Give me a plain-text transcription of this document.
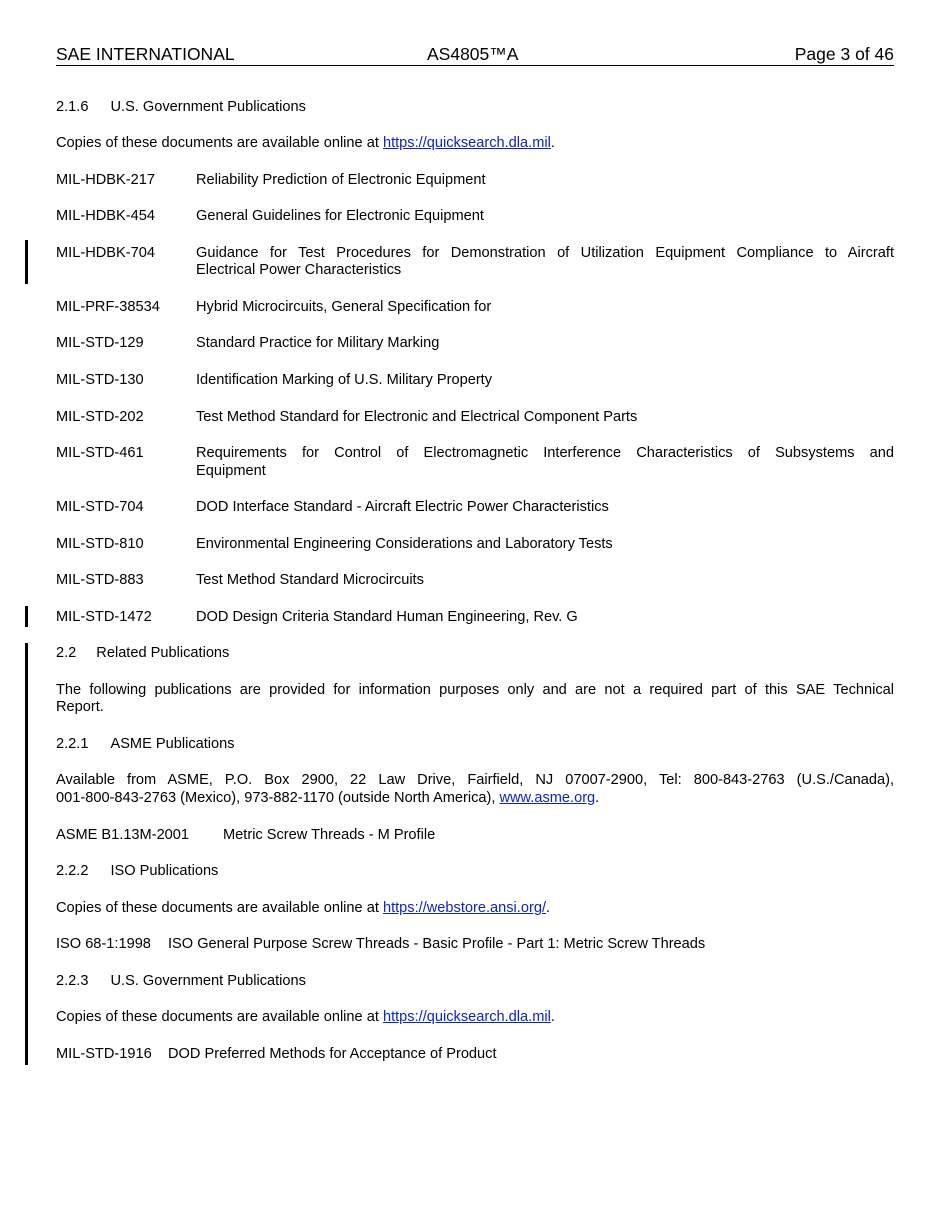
SAE INTERNATIONAL	AS4805™A	Page 3 of 46
2.1.6 U.S. Government Publications
Copies of these documents are available online at https://quicksearch.dla.mil.
MIL-HDBK-217	Reliability Prediction of Electronic Equipment
MIL-HDBK-454	General Guidelines for Electronic Equipment
MIL-HDBK-704	Guidance for Test Procedures for Demonstration of Utilization Equipment Compliance to Aircraft
Electrical Power Characteristics
MIL-PRF-38534 Hybrid Microcircuits, General Specification for
MIL-STD-129	Standard Practice for Military Marking
MIL-STD-130	Identification Marking of U.S. Military Property
MIL-STD-202	Test Method Standard for Electronic and Electrical Component Parts
MIL-STD-461	Requirements for Control of Electromagnetic Interference Characteristics of Subsystems and
Equipment
MIL-STD-704	DOD Interface Standard - Aircraft Electric Power Characteristics
MIL-STD-810	Environmental Engineering Considerations and Laboratory Tests
MIL-STD-883	Test Method Standard Microcircuits
MIL-STD-1472	DOD Design Criteria Standard Human Engineering, Rev. G
2.2 Related Publications
The following publications are provided for information purposes only and are not a required part of this SAE Technical
Report.
2.2.1 ASME Publications
Available from ASME, P.O. Box 2900, 22 Law Drive, Fairfield, NJ 07007-2900, Tel: 800-843-2763 (U.S./Canada),
001-800-843-2763 (Mexico), 973-882-1170 (outside North America), www.asme.org.
ASME B1.13M-2001 Metric Screw Threads - M Profile
2.2.2 ISO Publications
Copies of these documents are available online at https://webstore.ansi.org/.
ISO 68-1:1998 ISO General Purpose Screw Threads - Basic Profile - Part 1: Metric Screw Threads
2.2.3 U.S. Government Publications
Copies of these documents are available online at https://quicksearch.dla.mil.
MIL-STD-1916 DOD Preferred Methods for Acceptance of Product
